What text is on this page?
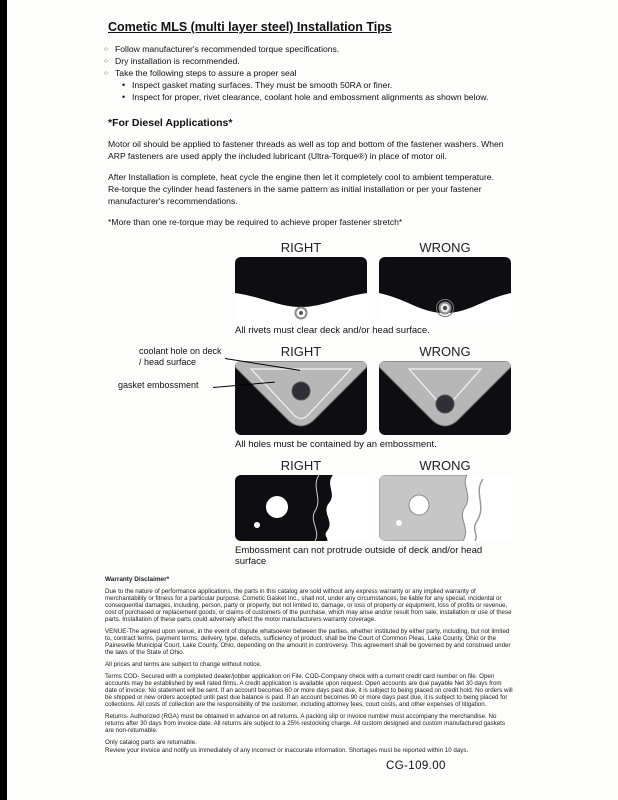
Cometic MLS (multi layer steel) Installation Tips
○ Follow manufacturer's recommended torque specifications.
○ Dry installation is recommended.
○ Take the following steps to assure a proper seal
• Inspect gasket mating surfaces. They must be smooth 50RA or finer.
• Inspect for proper, rivet clearance, coolant hole and embossment alignments as shown below.
*For Diesel Applications*

Motor oil should be applied to fastener threads as well as top and bottom of the fastener washers. When ARP fasteners are used apply the included lubricant (Ultra-Torque®) in place of motor oil.

After Installation is complete, heat cycle the engine then let it completely cool to ambient temperature. Re-torque the cylinder head fasteners in the same pattern as initial installation or per your fastener manufacturer's recommendations.

*More than one re-torque may be required to achieve proper fastener stretch*

RIGHT	WRONG
All rivets must clear deck and/or head surface.
RIGHT	WRONG
All holes must be contained by an embossment.
coolant hole on deck / head surface
gasket embossment
RIGHT	WRONG
Embossment can not protrude outside of deck and/or head surface
Warranty Disclaimer*

Due to the nature of performance applications, the parts in this catalog are sold without any express warranty or any implied warranty of merchantability or fitness for a particular purpose. Cometic Gasket Inc., shall not, under any circumstances, be liable for any special, incidental or consequential damages, including, person, party or property, but not limited to, damage, or loss of property or equipment, loss of profits or revenue, cost of purchased or replacement goods, or claims of customers of the purchase, which may arise and/or result from sale, installation or use of these parts. Installation of these parts could adversely affect the motor manufacturers warranty coverage.

VENUE-The agreed upon venue, in the event of dispute whatsoever between the parties, whether instituted by either party, including, but not limited to, contract terms, payment terms, delivery, type, defects, sufficiency of product, shall be the Court of Common Pleas, Lake County, Ohio or the Painesville Municipal Court, Lake County, Ohio, depending on the amount in controversy. This agreement shall be governed by and construed under the laws of the State of Ohio.

All prices and terms are subject to change without notice.

Terms COD- Secured with a completed dealer/jobber application on File, COD-Company check with a current credit card number on file. Open accounts may be established by well rated firms. A credit application is available upon request. Open accounts are due payable Net 30 days from date of invoice. No statement will be sent. If an account becomes 60 or more days past due, it is subject to being placed on credit hold. No orders will be shipped or new orders accepted until past due balance is paid. If an account becomes 90 or more days past due, it is subject to being placed for collections. All costs of collection are the responsibility of the customer, including attorney fees, court costs, and other expenses of litigation.

Returns- Authorized (RGA) must be obtained in advance on all returns. A packing slip or invoice number must accompany the merchandise. No returns after 30 days from invoice date. All returns are subject to a 25% restocking charge. All custom designed and custom manufactured gaskets are non-returnable.

Only catalog parts are returnable.

Review your invoice and notify us immediately of any incorrect or inaccurate information. Shortages must be reported within 10 days.

CG-109.00
